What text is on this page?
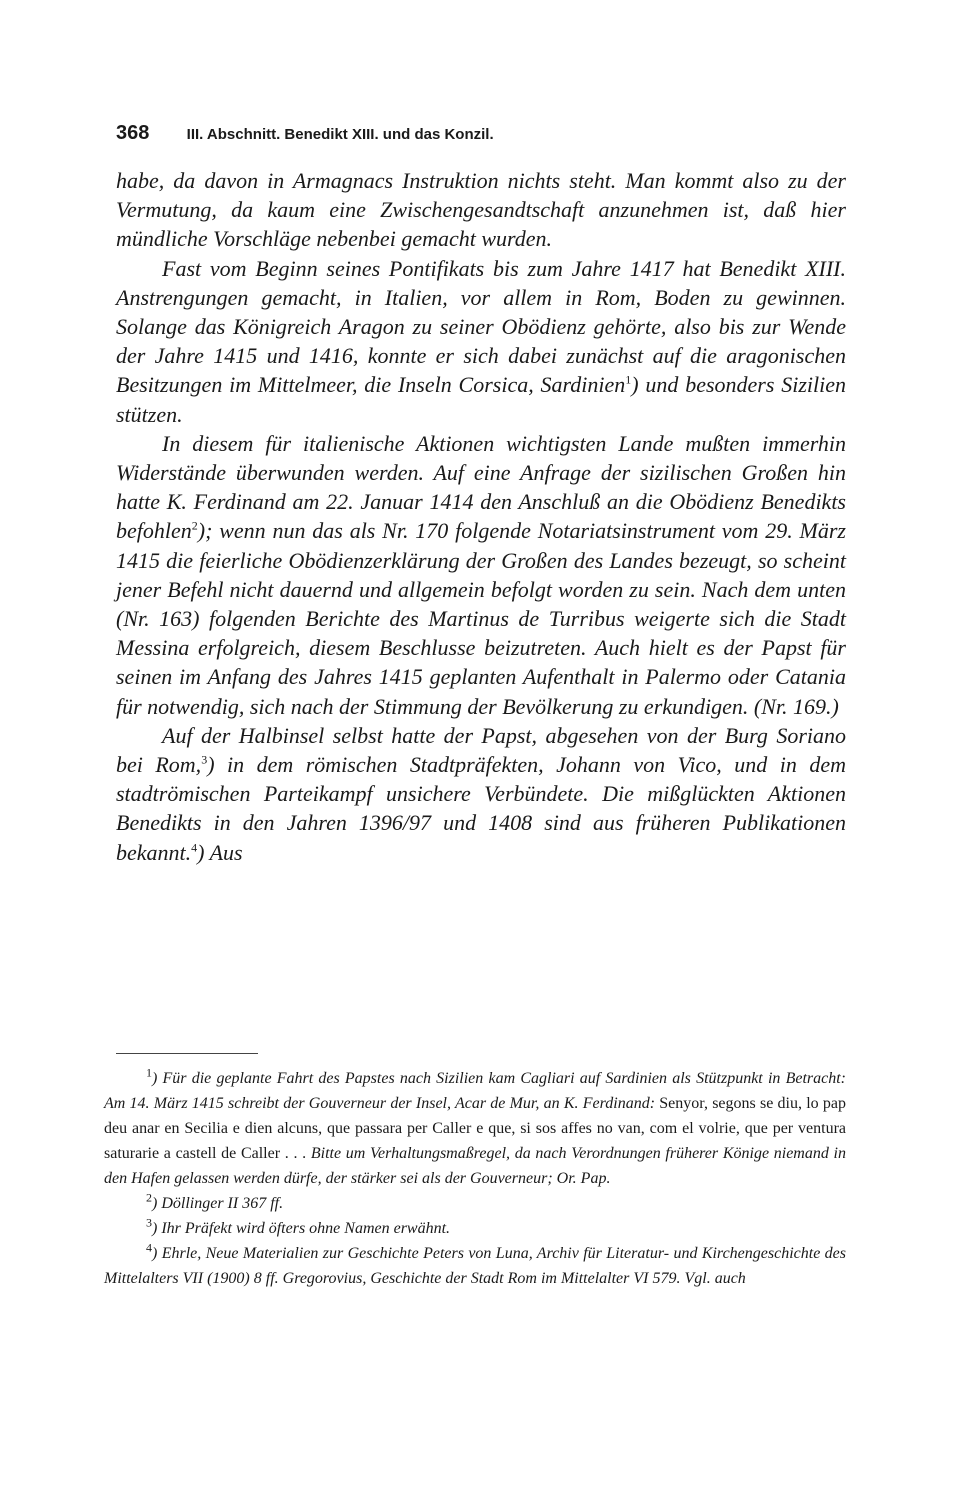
368 III. Abschnitt. Benedikt XIII. und das Konzil.

habe, da davon in Armagnacs Instruktion nichts steht. Man kommt also zu der Vermutung, da kaum eine Zwischengesandtschaft anzunehmen ist, daß hier mündliche Vorschläge nebenbei gemacht wurden.

Fast vom Beginn seines Pontifikats bis zum Jahre 1417 hat Benedikt XIII. Anstrengungen gemacht, in Italien, vor allem in Rom, Boden zu gewinnen. Solange das Königreich Aragon zu seiner Obödienz gehörte, also bis zur Wende der Jahre 1415 und 1416, konnte er sich dabei zunächst auf die aragonischen Besitzungen im Mittelmeer, die Inseln Corsica, Sardinien$^1$) und besonders Sizilien stützen.

In diesem für italienische Aktionen wichtigsten Lande mußten immerhin Widerstände überwunden werden. Auf eine Anfrage der sizilischen Großen hin hatte K. Ferdinand am 22. Januar 1414 den Anschluß an die Obödienz Benedikts befohlen$^2$); wenn nun das als Nr. 170 folgende Notariatsinstrument vom 29. März 1415 die feierliche Obödienzerklärung der Großen des Landes bezeugt, so scheint jener Befehl nicht dauernd und allgemein befolgt worden zu sein. Nach dem unten (Nr. 163) folgenden Berichte des Martinus de Turribus weigerte sich die Stadt Messina erfolgreich, diesem Beschlusse beizutreten. Auch hielt es der Papst für seinen im Anfang des Jahres 1415 geplanten Aufenthalt in Palermo oder Catania für notwendig, sich nach der Stimmung der Bevölkerung zu erkundigen. (Nr. 169.)

Auf der Halbinsel selbst hatte der Papst, abgesehen von der Burg Soriano bei Rom,$^3$) in dem römischen Stadtpräfekten, Johann von Vico, und in dem stadtrömischen Parteikampf unsichere Verbündete. Die mißglückten Aktionen Benedikts in den Jahren 1396/97 und 1408 sind aus früheren Publikationen bekannt.$^4$) Aus

$^1$) Für die geplante Fahrt des Papstes nach Sizilien kam Cagliari auf Sardinien als Stützpunkt in Betracht: Am 14. März 1415 schreibt der Gouverneur der Insel, Acar de Mur, an K. Ferdinand: Senyor, segons se diu, lo pap deu anar en Secilia e dien alcuns, que passara per Caller e que, si sos affes no van, com el volrie, que per ventura saturarie a castell de Caller . . . Bitte um Verhaltungsmaßregel, da nach Verordnungen früherer Könige niemand in den Hafen gelassen werden dürfe, der stärker sei als der Gouverneur; Or. Pap.

$^2$) Döllinger II 367 ff.

$^3$) Ihr Präfekt wird öfters ohne Namen erwähnt.

$^4$) Ehrle, Neue Materialien zur Geschichte Peters von Luna, Archiv für Literatur- und Kirchengeschichte des Mittelalters VII (1900) 8 ff. Gregorovius, Geschichte der Stadt Rom im Mittelalter VI 579. Vgl. auch
